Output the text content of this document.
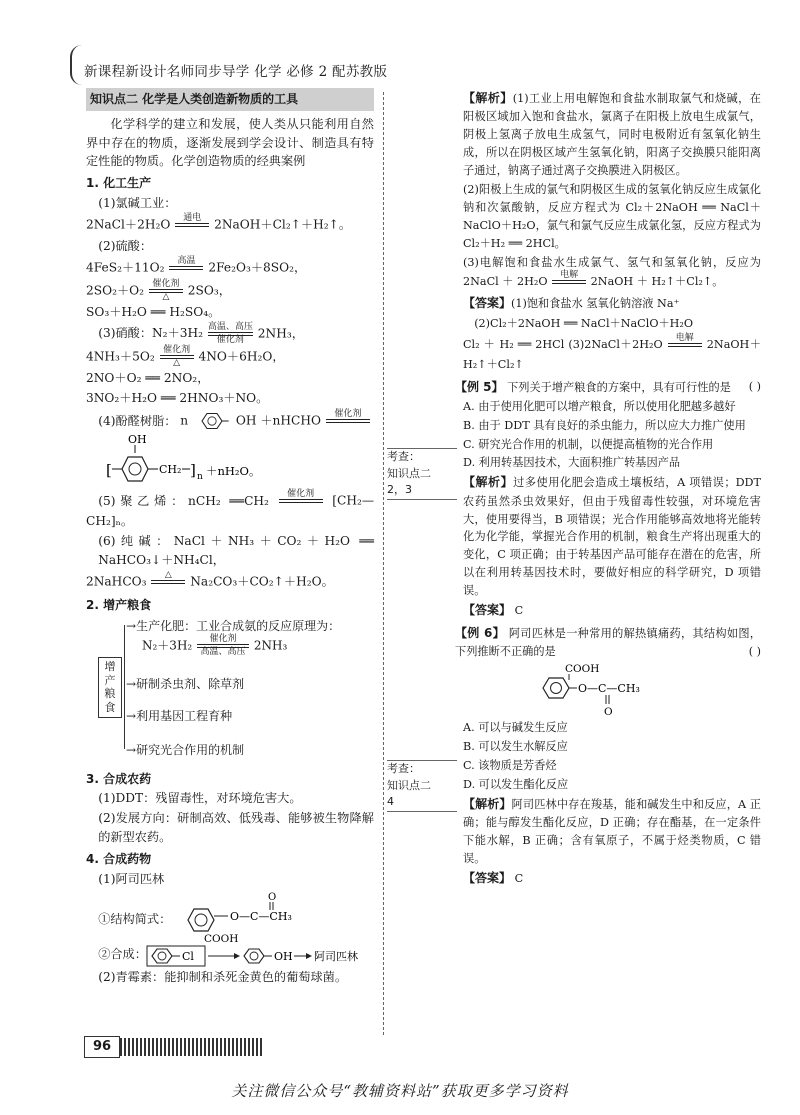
新课程新设计名师同步导学 化学 必修 2 配苏教版
知识点二 化学是人类创造新物质的工具
化学科学的建立和发展，使人类从只能利用自然界中存在的物质，逐渐发展到学会设计、制造具有特定性能的物质。化学创造物质的经典案例
1. 化工生产
(1)氯碱工业：
2NaCl＋2H₂O	通电
	2NaOH＋Cl₂↑＋H₂↑。
(2)硫酸：
4FeS₂＋11O₂	高温
	2Fe₂O₃＋8SO₂，
2SO₂＋O₂ 催化剂
△	2SO₃，
SO₃＋H₂O ══ H₂SO₄。
(3)硝酸：N₂＋3H₂ 高温、高压
催化剂	2NH₃，
4NH₃＋5O₂ 催化剂
△	4NO＋6H₂O，
2NO＋O₂ ══ 2NO₂，
3NO₂＋H₂O ══ 2HNO₃＋NO。
(4)酚醛树脂： n	OH ＋nHCHO	催化剂

OH
CH₂
[	] n ＋nH₂O。
(5)聚乙烯：nCH₂ ══CH₂	催化剂
	[CH₂—CH₂]ₙ。
(6)纯碱：NaCl＋NH₃＋CO₂＋H₂O ══ NaHCO₃↓＋NH₄Cl，
2NaHCO₃	△
	Na₂CO₃＋CO₂↑＋H₂O。
2. 增产粮食
增产粮食
→生产化肥：工业合成氨的反应原理为：
N₂＋3H₂	催化剂
高温、高压 2NH₃
→研制杀虫剂、除草剂
→利用基因工程育种
→研究光合作用的机制
3. 合成农药
(1)DDT：残留毒性，对环境危害大。
(2)发展方向：研制高效、低残毒、能够被生物降解的新型农药。
4. 合成药物
(1)阿司匹林
①结构简式：
O
O—C—CH₃
COOH
②合成：	Cl	OH 阿司匹林
(2)青霉素：能抑制和杀死金黄色的葡萄球菌。
考查：
知识点二
2，3
考查：
知识点二
4
【解析】(1)工业上用电解饱和食盐水制取氯气和烧碱，在阳极区域加入饱和食盐水，氯离子在阳极上放电生成氯气，阴极上氢离子放电生成氢气，同时电极附近有氢氧化钠生成，所以在阴极区域产生氢氧化钠，阳离子交换膜只能阳离子通过，钠离子通过离子交换膜进入阴极区。
(2)阳极上生成的氯气和阴极区生成的氢氧化钠反应生成氯化钠和次氯酸钠，反应方程式为 Cl₂＋2NaOH ══ NaCl＋NaClO＋H₂O，氯气和氯气反应生成氯化氢，反应方程式为 Cl₂＋H₂ ══ 2HCl。
(3)电解饱和食盐水生成氯气、氢气和氢氧化钠，反应为 2NaCl ＋ 2H₂O	电解
	2NaOH ＋ H₂↑＋Cl₂↑。
【答案】(1)饱和食盐水 氢氧化钠溶液 Na⁺
(2)Cl₂＋2NaOH ══ NaCl＋NaClO＋H₂O
Cl₂ ＋ H₂ ══ 2HCl (3)2NaCl＋2H₂O	电解
	2NaOH＋H₂↑＋Cl₂↑
【例 5】 下列关于增产粮食的方案中，具有可行性的是 ( )
A. 由于使用化肥可以增产粮食，所以使用化肥越多越好
B. 由于 DDT 具有良好的杀虫能力，所以应大力推广使用
C. 研究光合作用的机制，以便提高植物的光合作用
D. 利用转基因技术，大面积推广转基因产品
【解析】过多使用化肥会造成土壤板结，A 项错误；DDT 农药虽然杀虫效果好，但由于残留毒性较强，对环境危害大，使用要得当，B 项错误；光合作用能够高效地将光能转化为化学能，掌握光合作用的机制，粮食生产将出现重大的变化，C 项正确；由于转基因产品可能存在潜在的危害，所以在利用转基因技术时，要做好相应的科学研究，D 项错误。
【答案】 C
【例 6】 阿司匹林是一种常用的解热镇痛药，其结构如图，下列推断不正确的是	( )
COOH
O—C—CH₃
O
A. 可以与碱发生反应
B. 可以发生水解反应
C. 该物质是芳香烃
D. 可以发生酯化反应
【解析】阿司匹林中存在羧基，能和碱发生中和反应，A 正确；能与醇发生酯化反应，D 正确；存在酯基，在一定条件下能水解，B 正确；含有氧原子，不属于烃类物质，C 错误。
【答案】 C
96
关注微信公众号“教辅资料站”获取更多学习资料
